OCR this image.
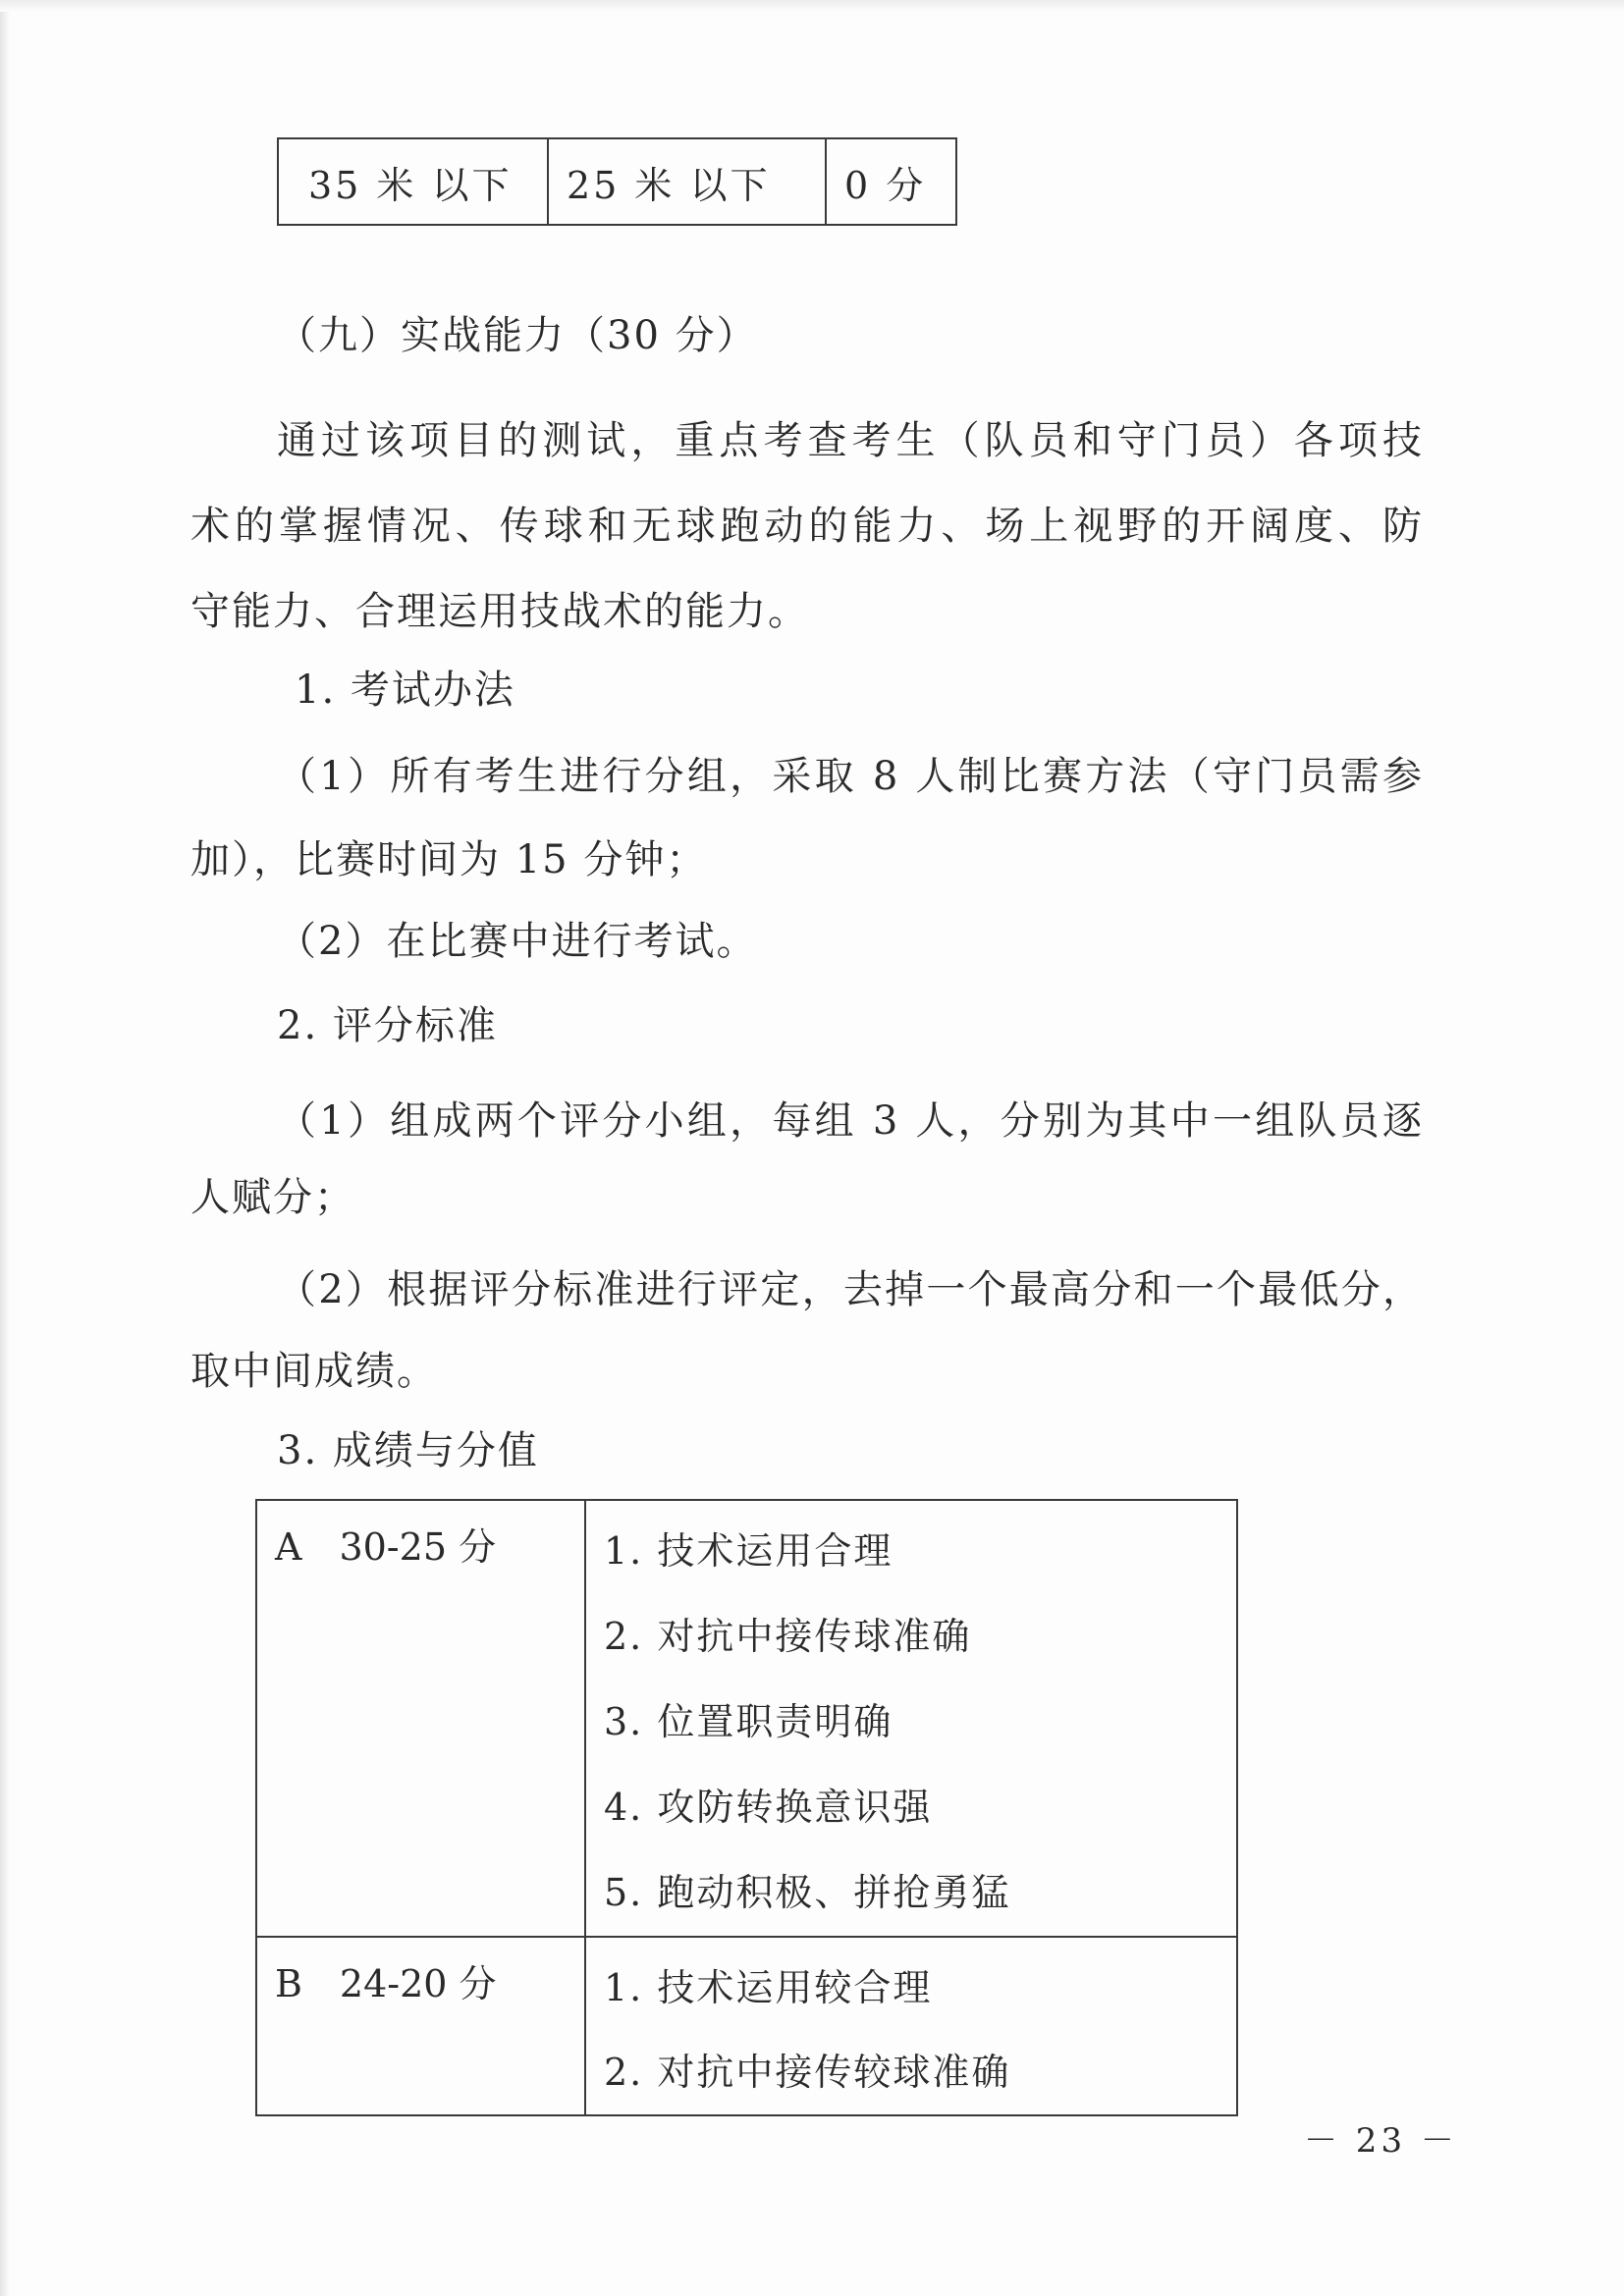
35 米 以下	25 米 以下	0 分

（九）实战能力（30 分）

通过该项目的测试，重点考查考生（队员和守门员）各项技

术的掌握情况、传球和无球跑动的能力、场上视野的开阔度、防

守能力、合理运用技战术的能力。

1. 考试办法

（1）所有考生进行分组，采取 8 人制比赛方法（守门员需参

加），比赛时间为 15 分钟；

（2）在比赛中进行考试。

2. 评分标准

（1）组成两个评分小组，每组 3 人，分别为其中一组队员逐

人赋分；

（2）根据评分标准进行评定，去掉一个最高分和一个最低分，

取中间成绩。

3. 成绩与分值

A　30-25 分	1. 技术运用合理
2. 对抗中接传球准确
3. 位置职责明确
4. 攻防转换意识强
5. 跑动积极、拼抢勇猛

B　24-20 分	1. 技术运用较合理
2. 对抗中接传较球准确

－ 23 －
